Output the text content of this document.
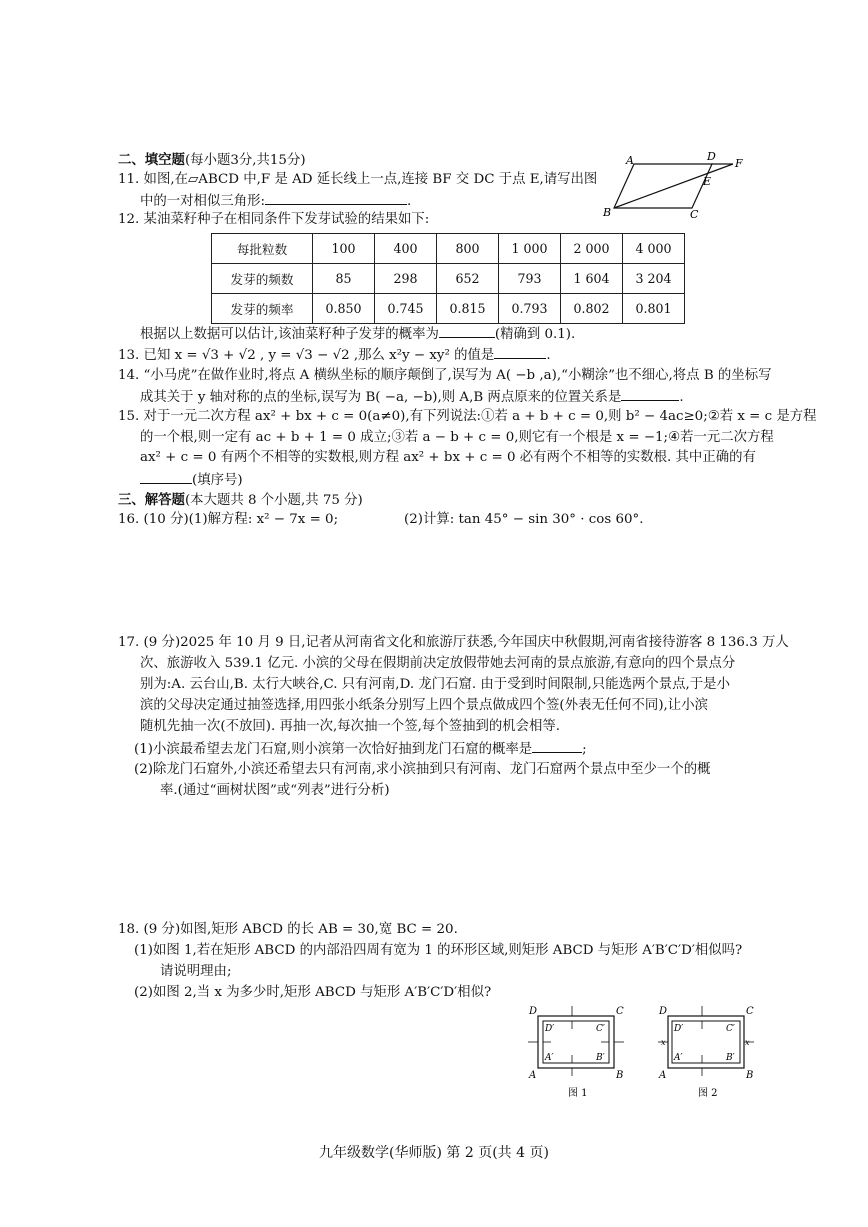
二、填空题(每小题3分,共15分)
11. 如图,在▱ABCD 中,F 是 AD 延长线上一点,连接 BF 交 DC 于点 E,请写出图
中的一对相似三角形:	.
A	D
F
E
B	C
12. 某油菜籽种子在相同条件下发芽试验的结果如下:
每批粒数	100	400	800	1 000	2 000	4 000
发芽的频数	85	298	652	793	1 604	3 204
发芽的频率	0.850	0.745	0.815	0.793	0.802	0.801
根据以上数据可以估计,该油菜籽种子发芽的概率为	(精确到 0.1).
13. 已知 x = √3 + √2 , y = √3 − √2 ,那么 x²y − xy² 的值是	.
14. “小马虎”在做作业时,将点 A 横纵坐标的顺序颠倒了,误写为 A( −b ,a),“小糊涂”也不细心,将点 B 的坐标写
成其关于 y 轴对称的点的坐标,误写为 B( −a, −b),则 A,B 两点原来的位置关系是	.
15. 对于一元二次方程 ax² + bx + c = 0(a≠0),有下列说法:①若 a + b + c = 0,则 b² − 4ac≥0;②若 x = c 是方程
的一个根,则一定有 ac + b + 1 = 0 成立;③若 a − b + c = 0,则它有一个根是 x = −1;④若一元二次方程
ax² + c = 0 有两个不相等的实数根,则方程 ax² + bx + c = 0 必有两个不相等的实数根. 其中正确的有
(填序号)
三、解答题(本大题共 8 个小题,共 75 分)
16. (10 分)(1)解方程: x² − 7x = 0;	(2)计算: tan 45° − sin 30° · cos 60°.
17. (9 分)2025 年 10 月 9 日,记者从河南省文化和旅游厅获悉,今年国庆中秋假期,河南省接待游客 8 136.3 万人
次、旅游收入 539.1 亿元. 小滨的父母在假期前决定放假带她去河南的景点旅游,有意向的四个景点分
别为:A. 云台山,B. 太行大峡谷,C. 只有河南,D. 龙门石窟. 由于受到时间限制,只能选两个景点,于是小
滨的父母决定通过抽签选择,用四张小纸条分别写上四个景点做成四个签(外表无任何不同),让小滨
随机先抽一次(不放回). 再抽一次,每次抽一个签,每个签抽到的机会相等.
(1)小滨最希望去龙门石窟,则小滨第一次恰好抽到龙门石窟的概率是	;
(2)除龙门石窟外,小滨还希望去只有河南,求小滨抽到只有河南、龙门石窟两个景点中至少一个的概
率.(通过“画树状图”或“列表”进行分析)
18. (9 分)如图,矩形 ABCD 的长 AB = 30,宽 BC = 20.
(1)如图 1,若在矩形 ABCD 的内部沿四周有宽为 1 的环形区域,则矩形 ABCD 与矩形 A′B′C′D′相似吗?
请说明理由;
(2)如图 2,当 x 为多少时,矩形 ABCD 与矩形 A′B′C′D′相似?
D	C
A	B
D′	C′
A′	B′
图 1
D	C
A	B
D′	C′
A′	B′
x	x
图 2
九年级数学(华师版) 第 2 页(共 4 页)
